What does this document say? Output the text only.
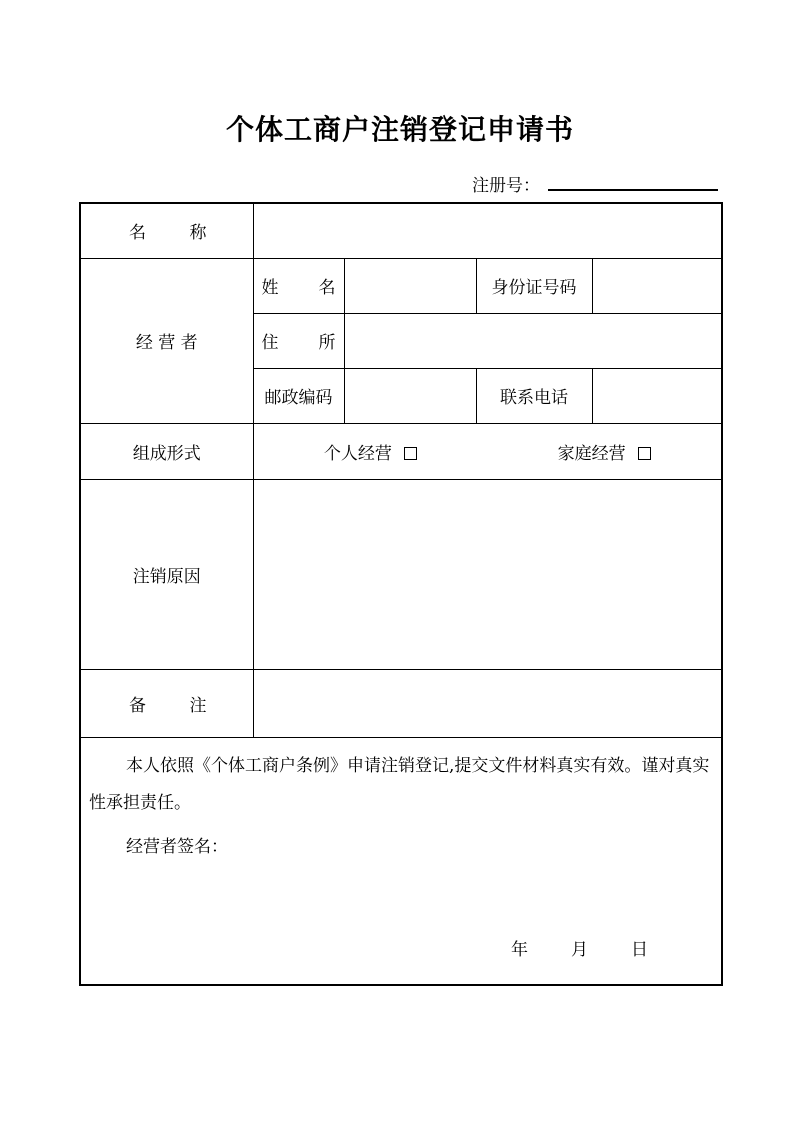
个体工商户注销登记申请书
注册号：
名 称				

经 营 者	姓 名		身份证号码	

	住 所			

	邮政编码		联系电话	
组成形式	个人经营 家庭经营			

注销原因				

备 注				

本人依照《个体工商户条例》申请注销登记,提交文件材料真实有效。谨对真实性承担责任。

经营者签名：

年 月 日				
